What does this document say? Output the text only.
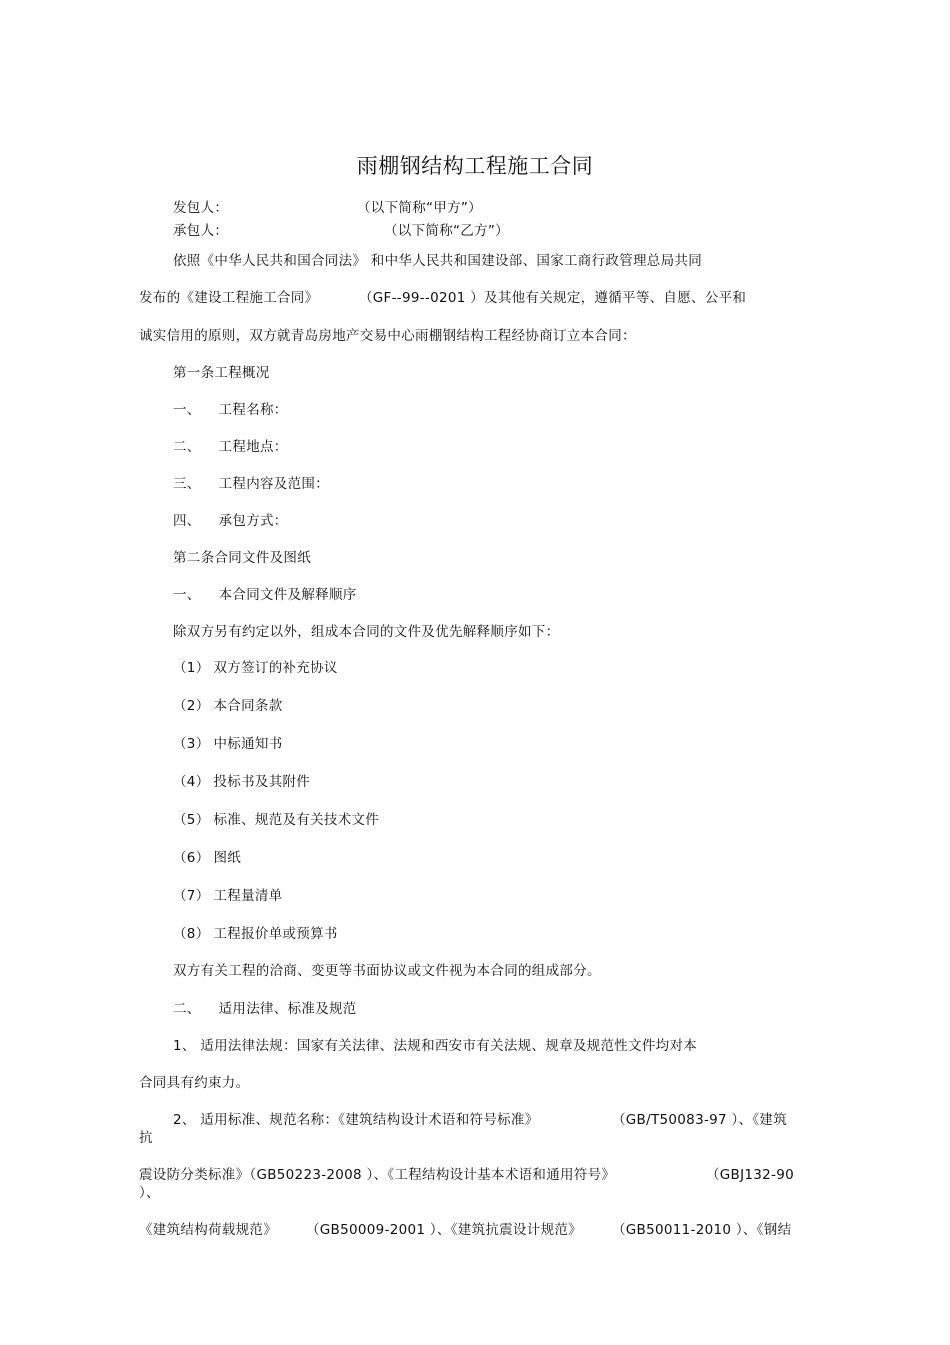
雨棚钢结构工程施工合同
发包人：	（以下简称“甲方”）
承包人：	（以下简称“乙方”）
依照《中华人民共和国合同法》 和中华人民共和国建设部、国家工商行政管理总局共同
发布的《建设工程施工合同》	（GF--99--0201 ）及其他有关规定，遵循平等、自愿、公平和
诚实信用的原则，双方就青岛房地产交易中心雨棚钢结构工程经协商订立本合同：
第一条工程概况
一、 工程名称：
二、 工程地点：
三、 工程内容及范围：
四、 承包方式：
第二条合同文件及图纸
一、 本合同文件及解释顺序
除双方另有约定以外，组成本合同的文件及优先解释顺序如下：
（1） 双方签订的补充协议
（2） 本合同条款
（3） 中标通知书
（4） 投标书及其附件
（5） 标准、规范及有关技术文件
（6） 图纸
（7） 工程量清单
（8） 工程报价单或预算书
双方有关工程的洽商、变更等书面协议或文件视为本合同的组成部分。
二、 适用法律、标准及规范
1、 适用法律法规：国家有关法律、法规和西安市有关法规、规章及规范性文件均对本
合同具有约束力。
2、 适用标准、规范名称：《建筑结构设计术语和符号标准》	（GB/T50083-97 ）、《建筑
抗
震设防分类标准》（GB50223-2008 ）、《工程结构设计基本术语和通用符号》	（GBJ132-90
）、
《建筑结构荷载规范》 （GB50009-2001 ）、《建筑抗震设计规范》 （GB50011-2010 ）、《钢结
